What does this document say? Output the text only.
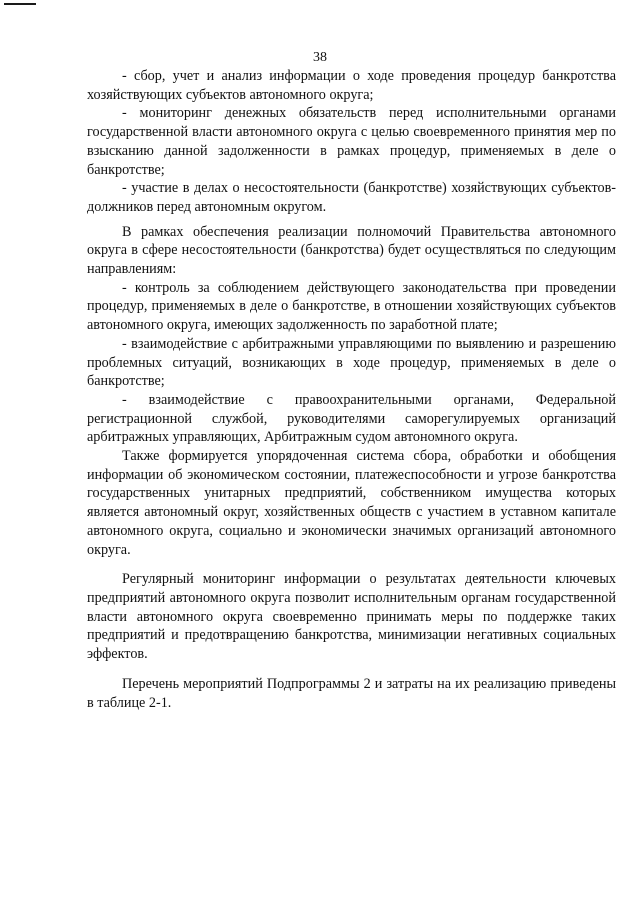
38

- сбор, учет и анализ информации о ходе проведения процедур банкротства хозяйствующих субъектов автономного округа;

- мониторинг денежных обязательств перед исполнительными органами государственной власти автономного округа с целью своевременного принятия мер по взысканию данной задолженности в рамках процедур, применяемых в деле о банкротстве;

- участие в делах о несостоятельности (банкротстве) хозяйствующих субъектов-должников перед автономным округом.

В рамках обеспечения реализации полномочий Правительства автономного округа в сфере несостоятельности (банкротства) будет осуществляться по следующим направлениям:

- контроль за соблюдением действующего законодательства при проведении процедур, применяемых в деле о банкротстве, в отношении хозяйствующих субъектов автономного округа, имеющих задолженность по заработной плате;

- взаимодействие с арбитражными управляющими по выявлению и разрешению проблемных ситуаций, возникающих в ходе процедур, применяемых в деле о банкротстве;

- взаимодействие с правоохранительными органами, Федеральной регистрационной службой, руководителями саморегулируемых организаций арбитражных управляющих, Арбитражным судом автономного округа.

Также формируется упорядоченная система сбора, обработки и обобщения информации об экономическом состоянии, платежеспособности и угрозе банкротства государственных унитарных предприятий, собственником имущества которых является автономный округ, хозяйственных обществ с участием в уставном капитале автономного округа, социально и экономически значимых организаций автономного округа.

Регулярный мониторинг информации о результатах деятельности ключевых предприятий автономного округа позволит исполнительным органам государственной власти автономного округа своевременно принимать меры по поддержке таких предприятий и предотвращению банкротства, минимизации негативных социальных эффектов.

Перечень мероприятий Подпрограммы 2 и затраты на их реализацию приведены в таблице 2-1.
